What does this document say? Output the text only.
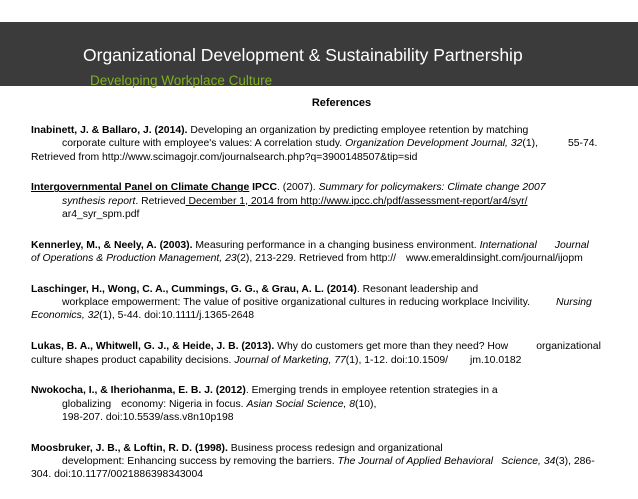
Organizational Development & Sustainability Partnership
Developing Workplace Culture
References
Inabinett, J. & Ballaro, J. (2014). Developing an organization by predicting employee retention by matching
corporate culture with employee's values: A correlation study. Organization Development Journal, 32(1),	55-74.
Retrieved from http://www.scimagojr.com/journalsearch.php?q=3900148507&tip=sid
Intergovernmental Panel on Climate Change IPCC. (2007). Summary for policymakers: Climate change 2007
synthesis report. Retrieved December 1, 2014 from http://www.ipcc.ch/pdf/assessment-report/ar4/syr/
ar4_syr_spm.pdf
Kennerley, M., & Neely, A. (2003). Measuring performance in a changing business environment. International Journal
of Operations & Production Management, 23(2), 213-229. Retrieved from http:// www.emeraldinsight.com/journal/ijopm
Laschinger, H., Wong, C. A., Cummings, G. G., & Grau, A. L. (2014). Resonant leadership and
workplace empowerment: The value of positive organizational cultures in reducing workplace Incivility.	Nursing
Economics, 32(1), 5-44. doi:10.1111/j.1365-2648
Lukas, B. A., Whitwell, G. J., & Heide, J. B. (2013). Why do customers get more than they need? How	organizational
culture shapes product capability decisions. Journal of Marketing, 77(1), 1-12. doi:10.1509/ jm.10.0182
Nwokocha, I., & Iheriohanma, E. B. J. (2012). Emerging trends in employee retention strategies in a
globalizing economy: Nigeria in focus. Asian Social Science, 8(10),
198-207. doi:10.5539/ass.v8n10p198
Moosbruker, J. B., & Loftin, R. D. (1998). Business process redesign and organizational
development: Enhancing success by removing the barriers. The Journal of Applied Behavioral Science, 34(3), 286-
304. doi:10.1177/0021886398343004
